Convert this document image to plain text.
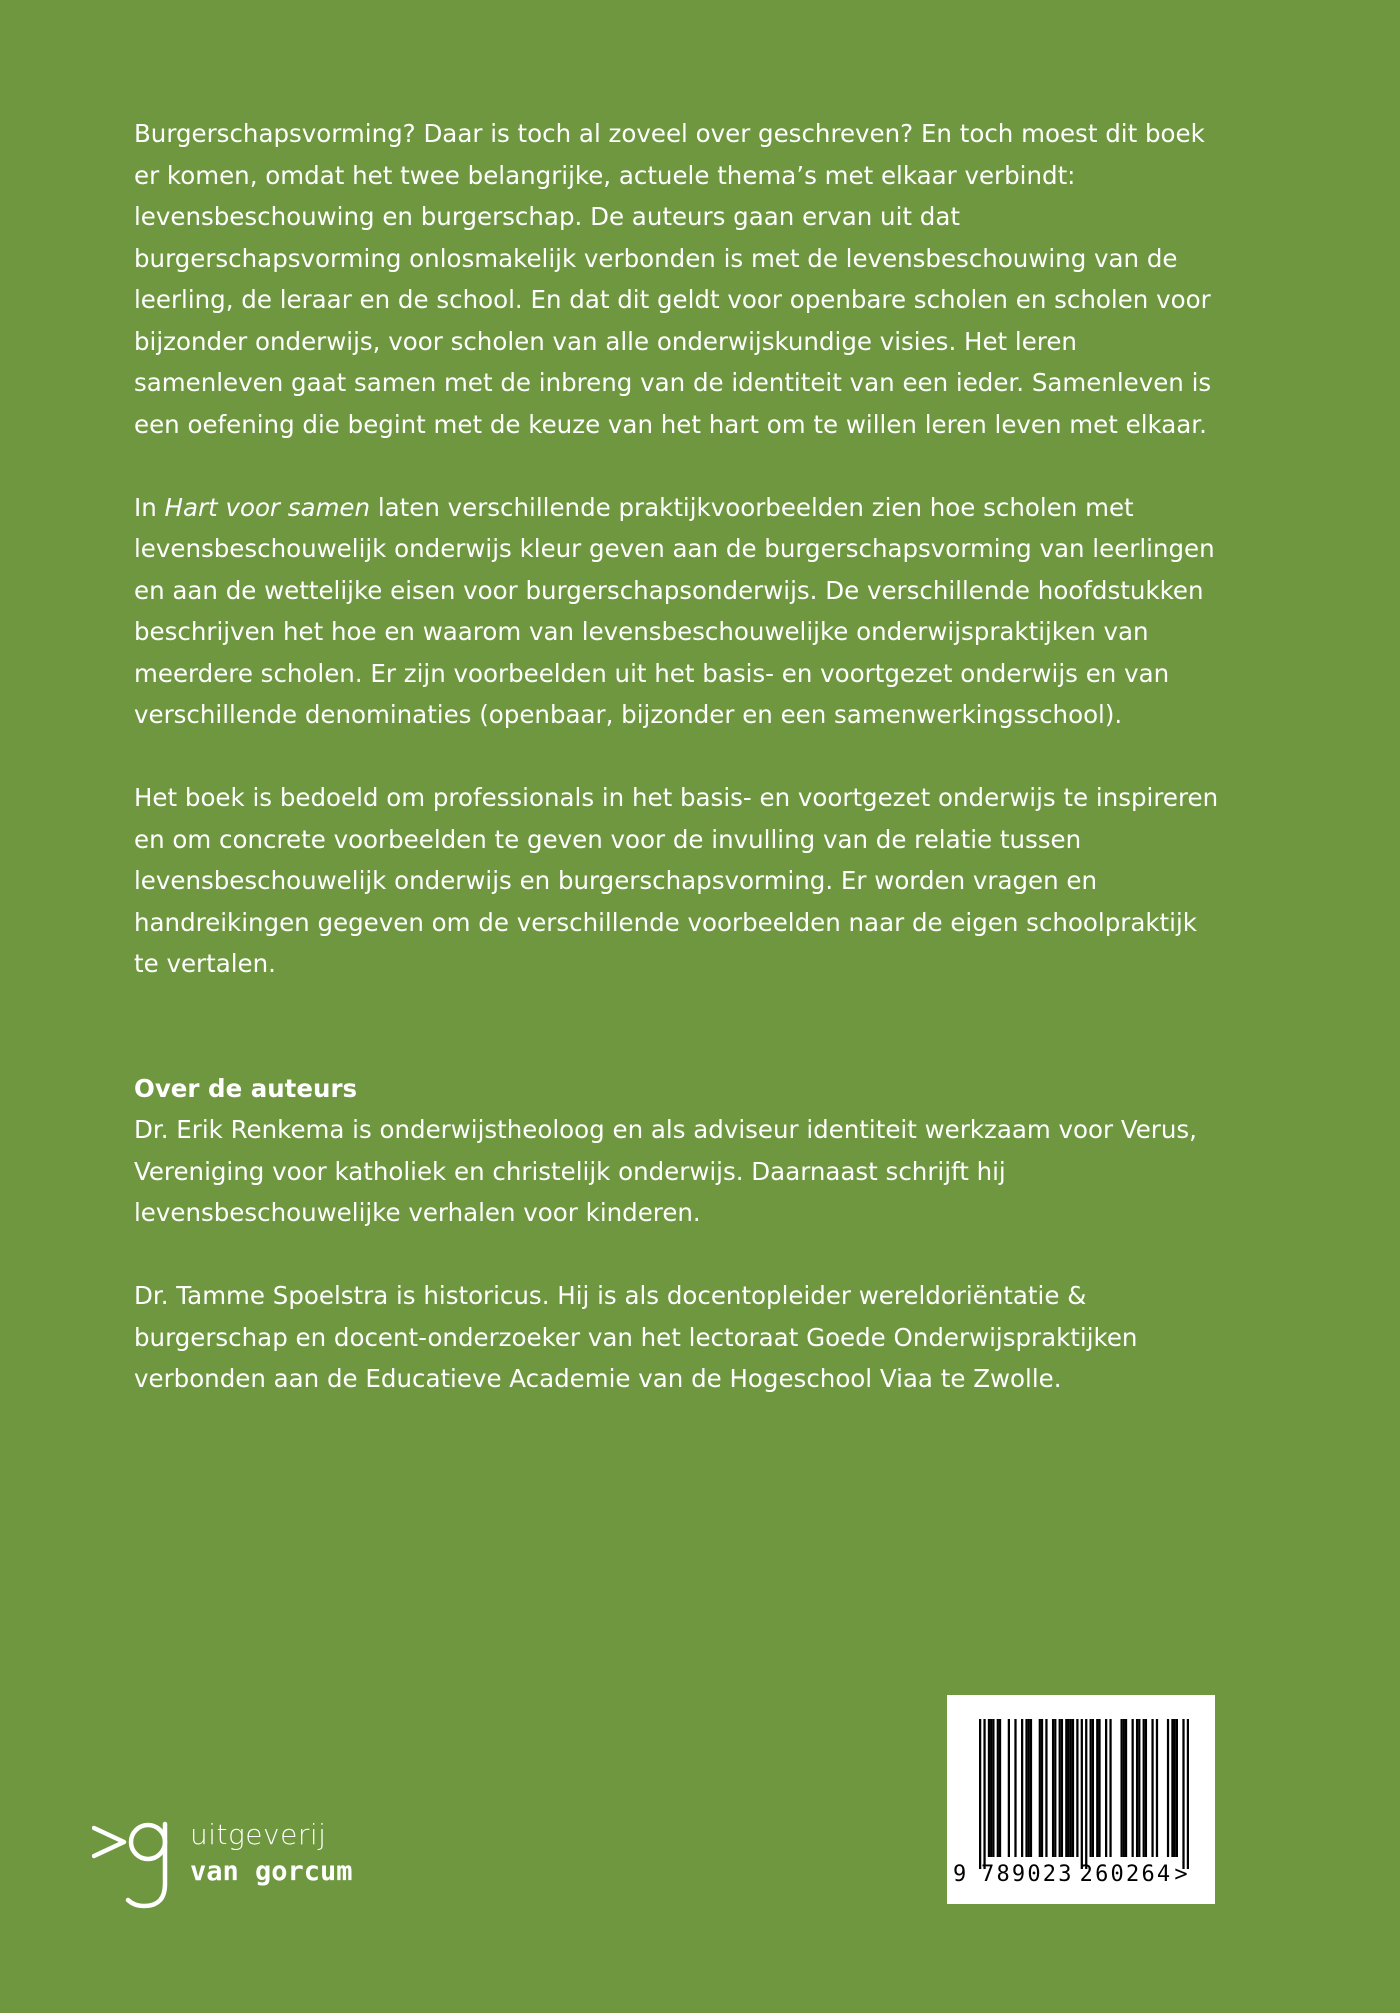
Burgerschapsvorming? Daar is toch al zoveel over geschreven? En toch moest dit boek er komen, omdat het twee belangrijke, actuele thema’s met elkaar verbindt: levensbeschouwing en burgerschap. De auteurs gaan ervan uit dat burgerschapsvorming onlosmakelijk verbonden is met de levensbeschouwing van de leerling, de leraar en de school. En dat dit geldt voor openbare scholen en scholen voor bijzonder onderwijs, voor scholen van alle onderwijskundige visies. Het leren samenleven gaat samen met de inbreng van de identiteit van een ieder. Samenleven is een oefening die begint met de keuze van het hart om te willen leren leven met elkaar.

In Hart voor samen laten verschillende praktijkvoorbeelden zien hoe scholen met levensbeschouwelijk onderwijs kleur geven aan de burgerschapsvorming van leerlingen en aan de wettelijke eisen voor burgerschapsonderwijs. De verschillende hoofdstukken beschrijven het hoe en waarom van levensbeschouwelijke onderwijspraktijken van meerdere scholen. Er zijn voorbeelden uit het basis- en voortgezet onderwijs en van verschillende denominaties (openbaar, bijzonder en een samenwerkingsschool).

Het boek is bedoeld om professionals in het basis- en voortgezet onderwijs te inspireren en om concrete voorbeelden te geven voor de invulling van de relatie tussen levensbeschouwelijk onderwijs en burgerschapsvorming. Er worden vragen en handreikingen gegeven om de verschillende voorbeelden naar de eigen schoolpraktijk te vertalen.

Over de auteurs

Dr. Erik Renkema is onderwijstheoloog en als adviseur identiteit werkzaam voor Verus, Vereniging voor katholiek en christelijk onderwijs. Daarnaast schrijft hij levensbeschouwelijke verhalen voor kinderen.

Dr. Tamme Spoelstra is historicus. Hij is als docentopleider wereldoriëntatie & burgerschap en docent-onderzoeker van het lectoraat Goede Onderwijspraktijken verbonden aan de Educatieve Academie van de Hogeschool Viaa te Zwolle.

uitgeverij
van gorcum	9 789023 260264 >
